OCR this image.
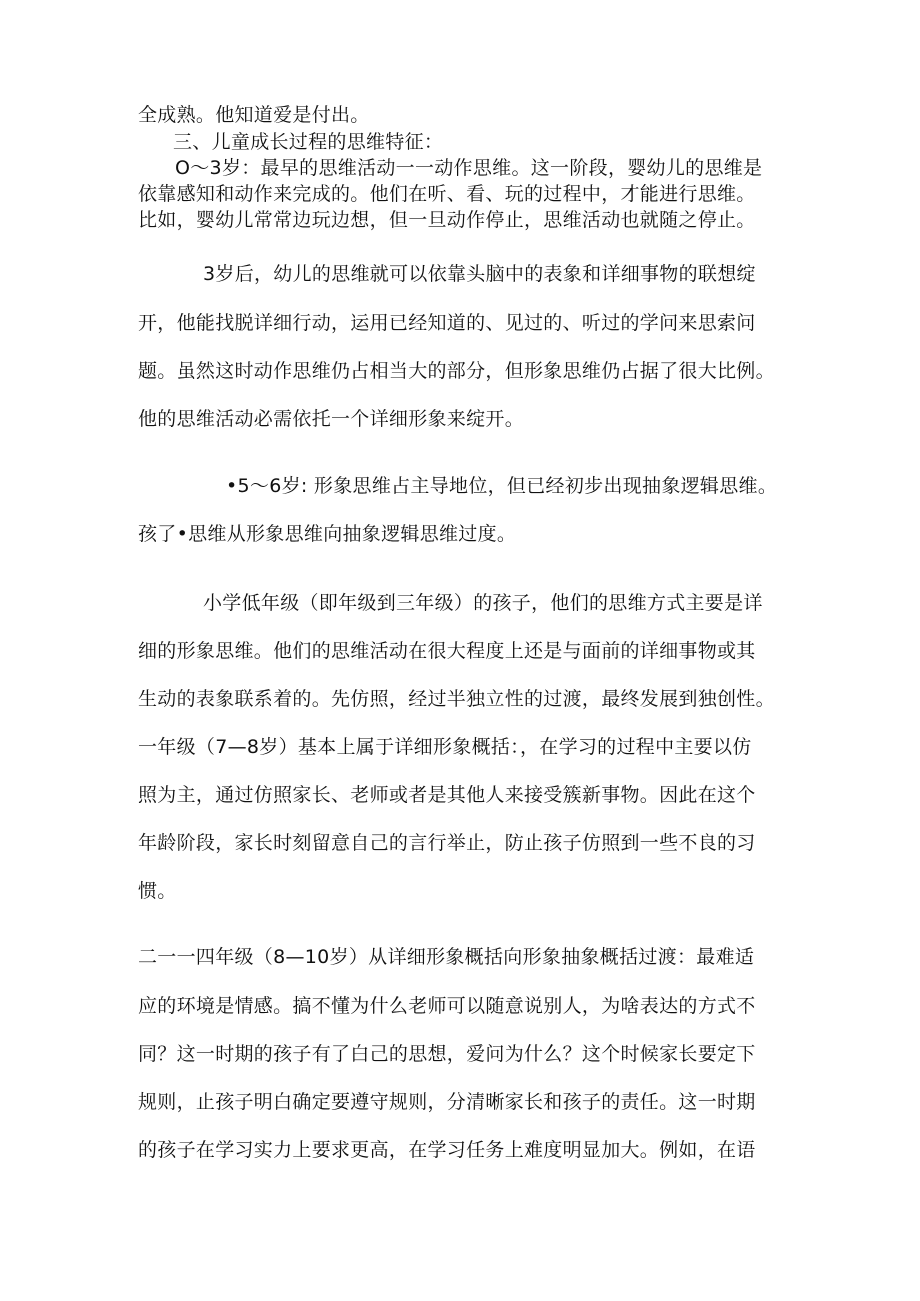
全成熟。他知道爱是付出。
三、儿童成长过程的思维特征：
O～3岁：最早的思维活动一一动作思维。这一阶段，婴幼儿的思维是
依靠感知和动作来完成的。他们在听、看、玩的过程中，才能进行思维。
比如，婴幼儿常常边玩边想，但一旦动作停止，思维活动也就随之停止。
3岁后，幼儿的思维就可以依靠头脑中的表象和详细事物的联想绽
开，他能找脱详细行动，运用已经知道的、见过的、听过的学问来思索问
题。虽然这时动作思维仍占相当大的部分，但形象思维仍占据了很大比例。
他的思维活动必需依托一个详细形象来绽开。
•5～6岁: 形象思维占主导地位，但已经初步出现抽象逻辑思维。
孩了•思维从形象思维向抽象逻辑思维过度。
小学低年级（即年级到三年级）的孩子，他们的思维方式主要是详
细的形象思维。他们的思维活动在很大程度上还是与面前的详细事物或其
生动的表象联系着的。先仿照，经过半独立性的过渡，最终发展到独创性。
一年级（7—8岁）基本上属于详细形象概括：，在学习的过程中主要以仿
照为主，通过仿照家长、老师或者是其他人来接受簇新事物。因此在这个
年龄阶段，家长时刻留意自己的言行举止，防止孩子仿照到一些不良的习
惯。
二一一四年级（8—10岁）从详细形象概括向形象抽象概括过渡：最难适
应的环境是情感。搞不懂为什么老师可以随意说别人，为啥表达的方式不
同？这一时期的孩子有了白己的思想，爱问为什么？这个时候家长要定下
规则，止孩子明白确定要遵守规则，分清晰家长和孩子的责任。这一时期
的孩子在学习实力上要求更高，在学习任务上难度明显加大。例如，在语
